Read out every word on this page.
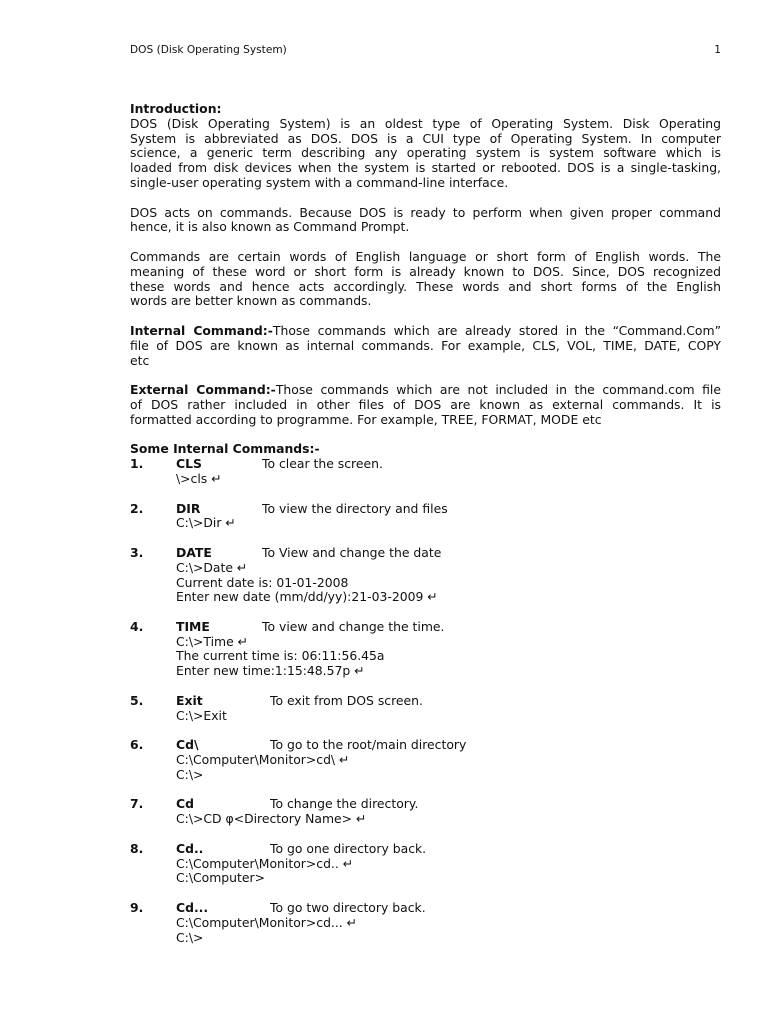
DOS (Disk Operating System)	1
Introduction:
DOS (Disk Operating System) is an oldest type of Operating System. Disk Operating
System is abbreviated as DOS. DOS is a CUI type of Operating System. In computer
science, a generic term describing any operating system is system software which is
loaded from disk devices when the system is started or rebooted. DOS is a single-tasking,
single-user operating system with a command-line interface.
DOS acts on commands. Because DOS is ready to perform when given proper command
hence, it is also known as Command Prompt.
Commands are certain words of English language or short form of English words. The
meaning of these word or short form is already known to DOS. Since, DOS recognized
these words and hence acts accordingly. These words and short forms of the English
words are better known as commands.
Internal Command:-Those commands which are already stored in the “Command.Com”
file of DOS are known as internal commands. For example, CLS, VOL, TIME, DATE, COPY
etc
External Command:-Those commands which are not included in the command.com file
of DOS rather included in other files of DOS are known as external commands. It is
formatted according to programme. For example, TREE, FORMAT, MODE etc
Some Internal Commands:-
1.	CLS	To clear the screen.
\>cls ↵
2.	DIR	To view the directory and files
C:\>Dir ↵
3.	DATE	To View and change the date
C:\>Date ↵
Current date is: 01-01-2008
Enter new date (mm/dd/yy):21-03-2009 ↵
4.	TIME	To view and change the time.
C:\>Time ↵
The current time is: 06:11:56.45a
Enter new time:1:15:48.57p ↵
5.	Exit	To exit from DOS screen.
C:\>Exit
6.	Cd\	To go to the root/main directory
C:\Computer\Monitor>cd\ ↵
C:\>
7.	Cd	To change the directory.
C:\>CD φ<Directory Name> ↵
8.	Cd..	To go one directory back.
C:\Computer\Monitor>cd.. ↵
C:\Computer>
9.	Cd...	To go two directory back.
C:\Computer\Monitor>cd... ↵
C:\>
